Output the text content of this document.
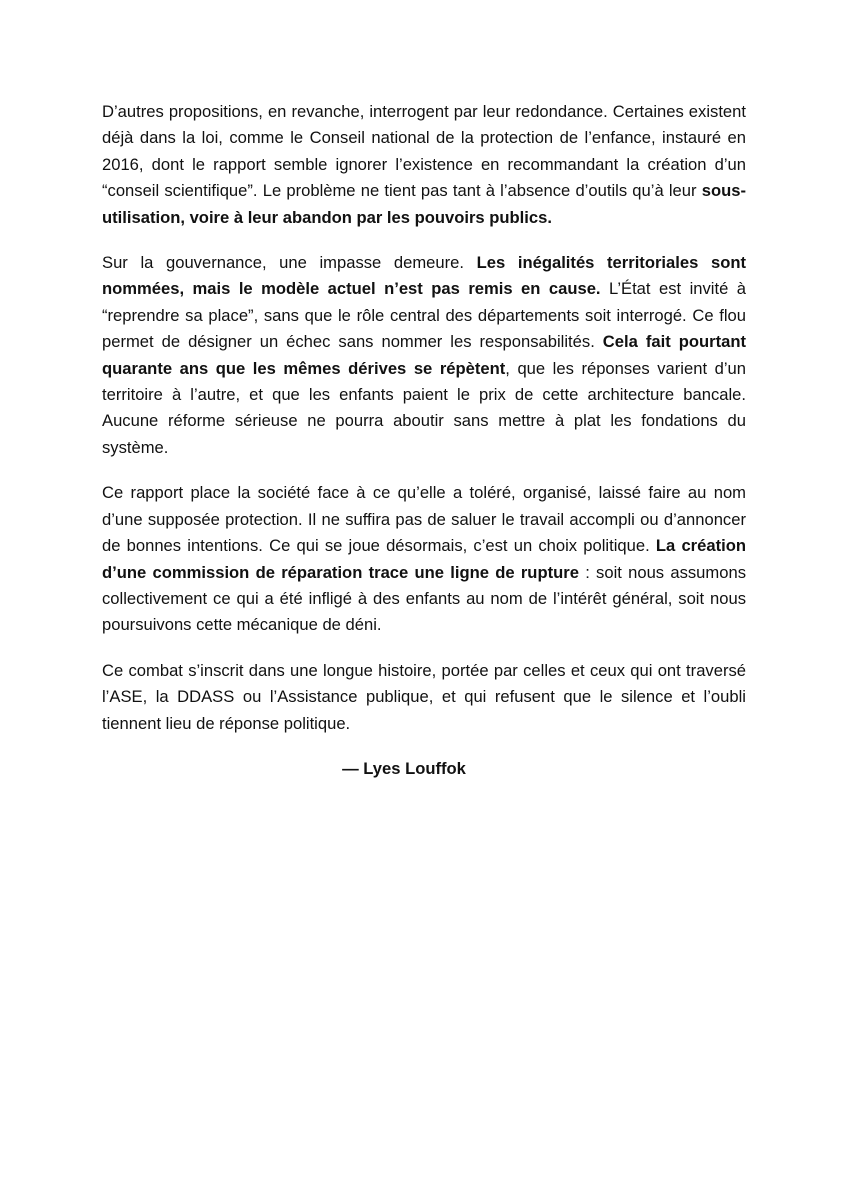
D’autres propositions, en revanche, interrogent par leur redondance. Certaines existent déjà dans la loi, comme le Conseil national de la protection de l’enfance, instauré en 2016, dont le rapport semble ignorer l’existence en recommandant la création d’un “conseil scientifique”. Le problème ne tient pas tant à l’absence d’outils qu’à leur sous-utilisation, voire à leur abandon par les pouvoirs publics.

Sur la gouvernance, une impasse demeure. Les inégalités territoriales sont nommées, mais le modèle actuel n’est pas remis en cause. L’État est invité à “reprendre sa place”, sans que le rôle central des départements soit interrogé. Ce flou permet de désigner un échec sans nommer les responsabilités. Cela fait pourtant quarante ans que les mêmes dérives se répètent, que les réponses varient d’un territoire à l’autre, et que les enfants paient le prix de cette architecture bancale. Aucune réforme sérieuse ne pourra aboutir sans mettre à plat les fondations du système.

Ce rapport place la société face à ce qu’elle a toléré, organisé, laissé faire au nom d’une supposée protection. Il ne suffira pas de saluer le travail accompli ou d’annoncer de bonnes intentions. Ce qui se joue désormais, c’est un choix politique. La création d’une commission de réparation trace une ligne de rupture : soit nous assumons collectivement ce qui a été infligé à des enfants au nom de l’intérêt général, soit nous poursuivons cette mécanique de déni.

Ce combat s’inscrit dans une longue histoire, portée par celles et ceux qui ont traversé l’ASE, la DDASS ou l’Assistance publique, et qui refusent que le silence et l’oubli tiennent lieu de réponse politique.

— Lyes Louffok
